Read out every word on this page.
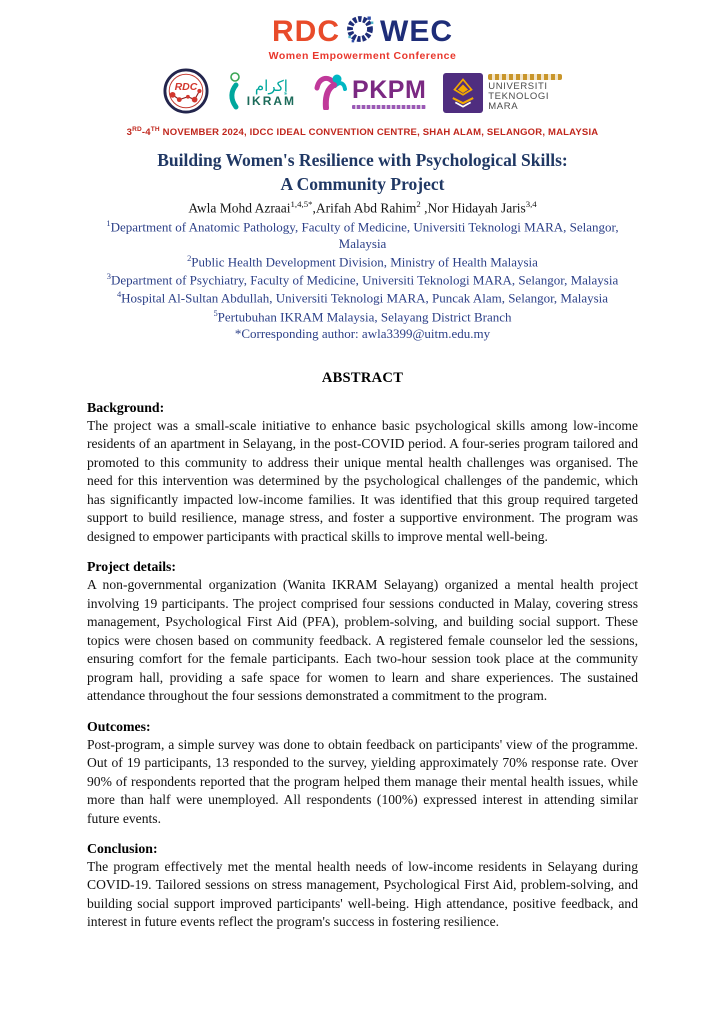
RDC WEC
Women Empowerment Conference
RDC	إكرام
IKRAM PKPM	UNIVERSITI
TEKNOLOGI
MARA
3RD-4TH NOVEMBER 2024, IDCC IDEAL CONVENTION CENTRE, SHAH ALAM, SELANGOR, MALAYSIA
Building Women's Resilience with Psychological Skills:
A Community Project
Awla Mohd Azraai$^{1,4,5*}$,Arifah Abd Rahim$^2$ ,Nor Hidayah Jaris$^{3,4}$
$^1$Department of Anatomic Pathology, Faculty of Medicine, Universiti Teknologi MARA, Selangor, Malaysia
$^2$Public Health Development Division, Ministry of Health Malaysia
$^3$Department of Psychiatry, Faculty of Medicine, Universiti Teknologi MARA, Selangor, Malaysia
$^4$Hospital Al-Sultan Abdullah, Universiti Teknologi MARA, Puncak Alam, Selangor, Malaysia
$^5$Pertubuhan IKRAM Malaysia, Selayang District Branch
*Corresponding author: awla3399@uitm.edu.my
ABSTRACT
Background:
The project was a small-scale initiative to enhance basic psychological skills among low-income residents of an apartment in Selayang, in the post-COVID period. A four-series program tailored and promoted to this community to address their unique mental health challenges was organised. The need for this intervention was determined by the psychological challenges of the pandemic, which has significantly impacted low-income families. It was identified that this group required targeted support to build resilience, manage stress, and foster a supportive environment. The program was designed to empower participants with practical skills to improve mental well-being.
Project details:
A non-governmental organization (Wanita IKRAM Selayang) organized a mental health project involving 19 participants. The project comprised four sessions conducted in Malay, covering stress management, Psychological First Aid (PFA), problem-solving, and building social support. These topics were chosen based on community feedback. A registered female counselor led the sessions, ensuring comfort for the female participants. Each two-hour session took place at the community program hall, providing a safe space for women to learn and share experiences. The sustained attendance throughout the four sessions demonstrated a commitment to the program.
Outcomes:
Post-program, a simple survey was done to obtain feedback on participants' view of the programme. Out of 19 participants, 13 responded to the survey, yielding approximately 70% response rate. Over 90% of respondents reported that the program helped them manage their mental health issues, while more than half were unemployed. All respondents (100%) expressed interest in attending similar future events.
Conclusion:
The program effectively met the mental health needs of low-income residents in Selayang during COVID-19. Tailored sessions on stress management, Psychological First Aid, problem-solving, and building social support improved participants' well-being. High attendance, positive feedback, and interest in future events reflect the program's success in fostering resilience.
